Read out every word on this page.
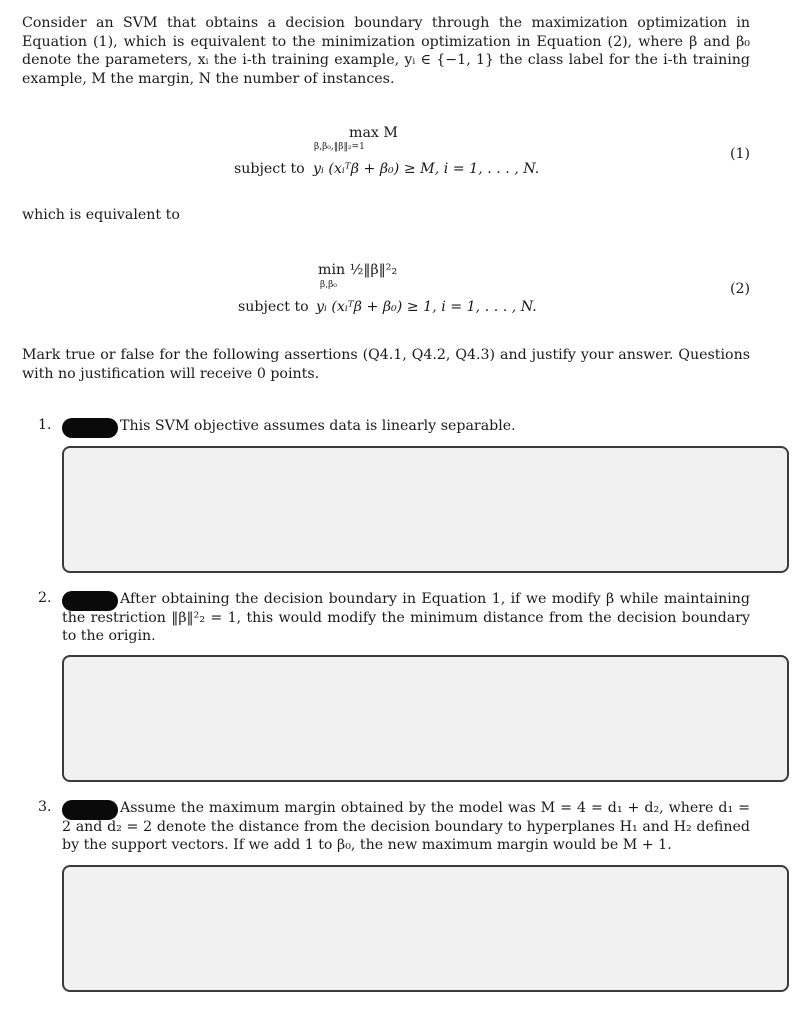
Consider an SVM that obtains a decision boundary through the maximization optimization in Equation (1), which is equivalent to the minimization optimization in Equation (2), where β and β₀ denote the parameters, xᵢ the i-th training example, yᵢ ∈ {−1, 1} the class label for the i-th training example, M the margin, N the number of instances.
max M
β,β₀,‖β‖₂=1
subject to yᵢ (xᵢᵀβ + β₀) ≥ M, i = 1, . . . , N.
(1)
which is equivalent to
min ½‖β‖²₂
β,β₀
subject to yᵢ (xᵢᵀβ + β₀) ≥ 1, i = 1, . . . , N.
(2)
Mark true or false for the following assertions (Q4.1, Q4.2, Q4.3) and justify your answer. Questions with no justification will receive 0 points.
1.	This SVM objective assumes data is linearly separable.
2.	After obtaining the decision boundary in Equation 1, if we modify β while maintaining the restriction ‖β‖²₂ = 1, this would modify the minimum distance from the decision boundary to the origin.
3.	Assume the maximum margin obtained by the model was M = 4 = d₁ + d₂, where d₁ = 2 and d₂ = 2 denote the distance from the decision boundary to hyperplanes H₁ and H₂ defined by the support vectors. If we add 1 to β₀, the new maximum margin would be M + 1.
